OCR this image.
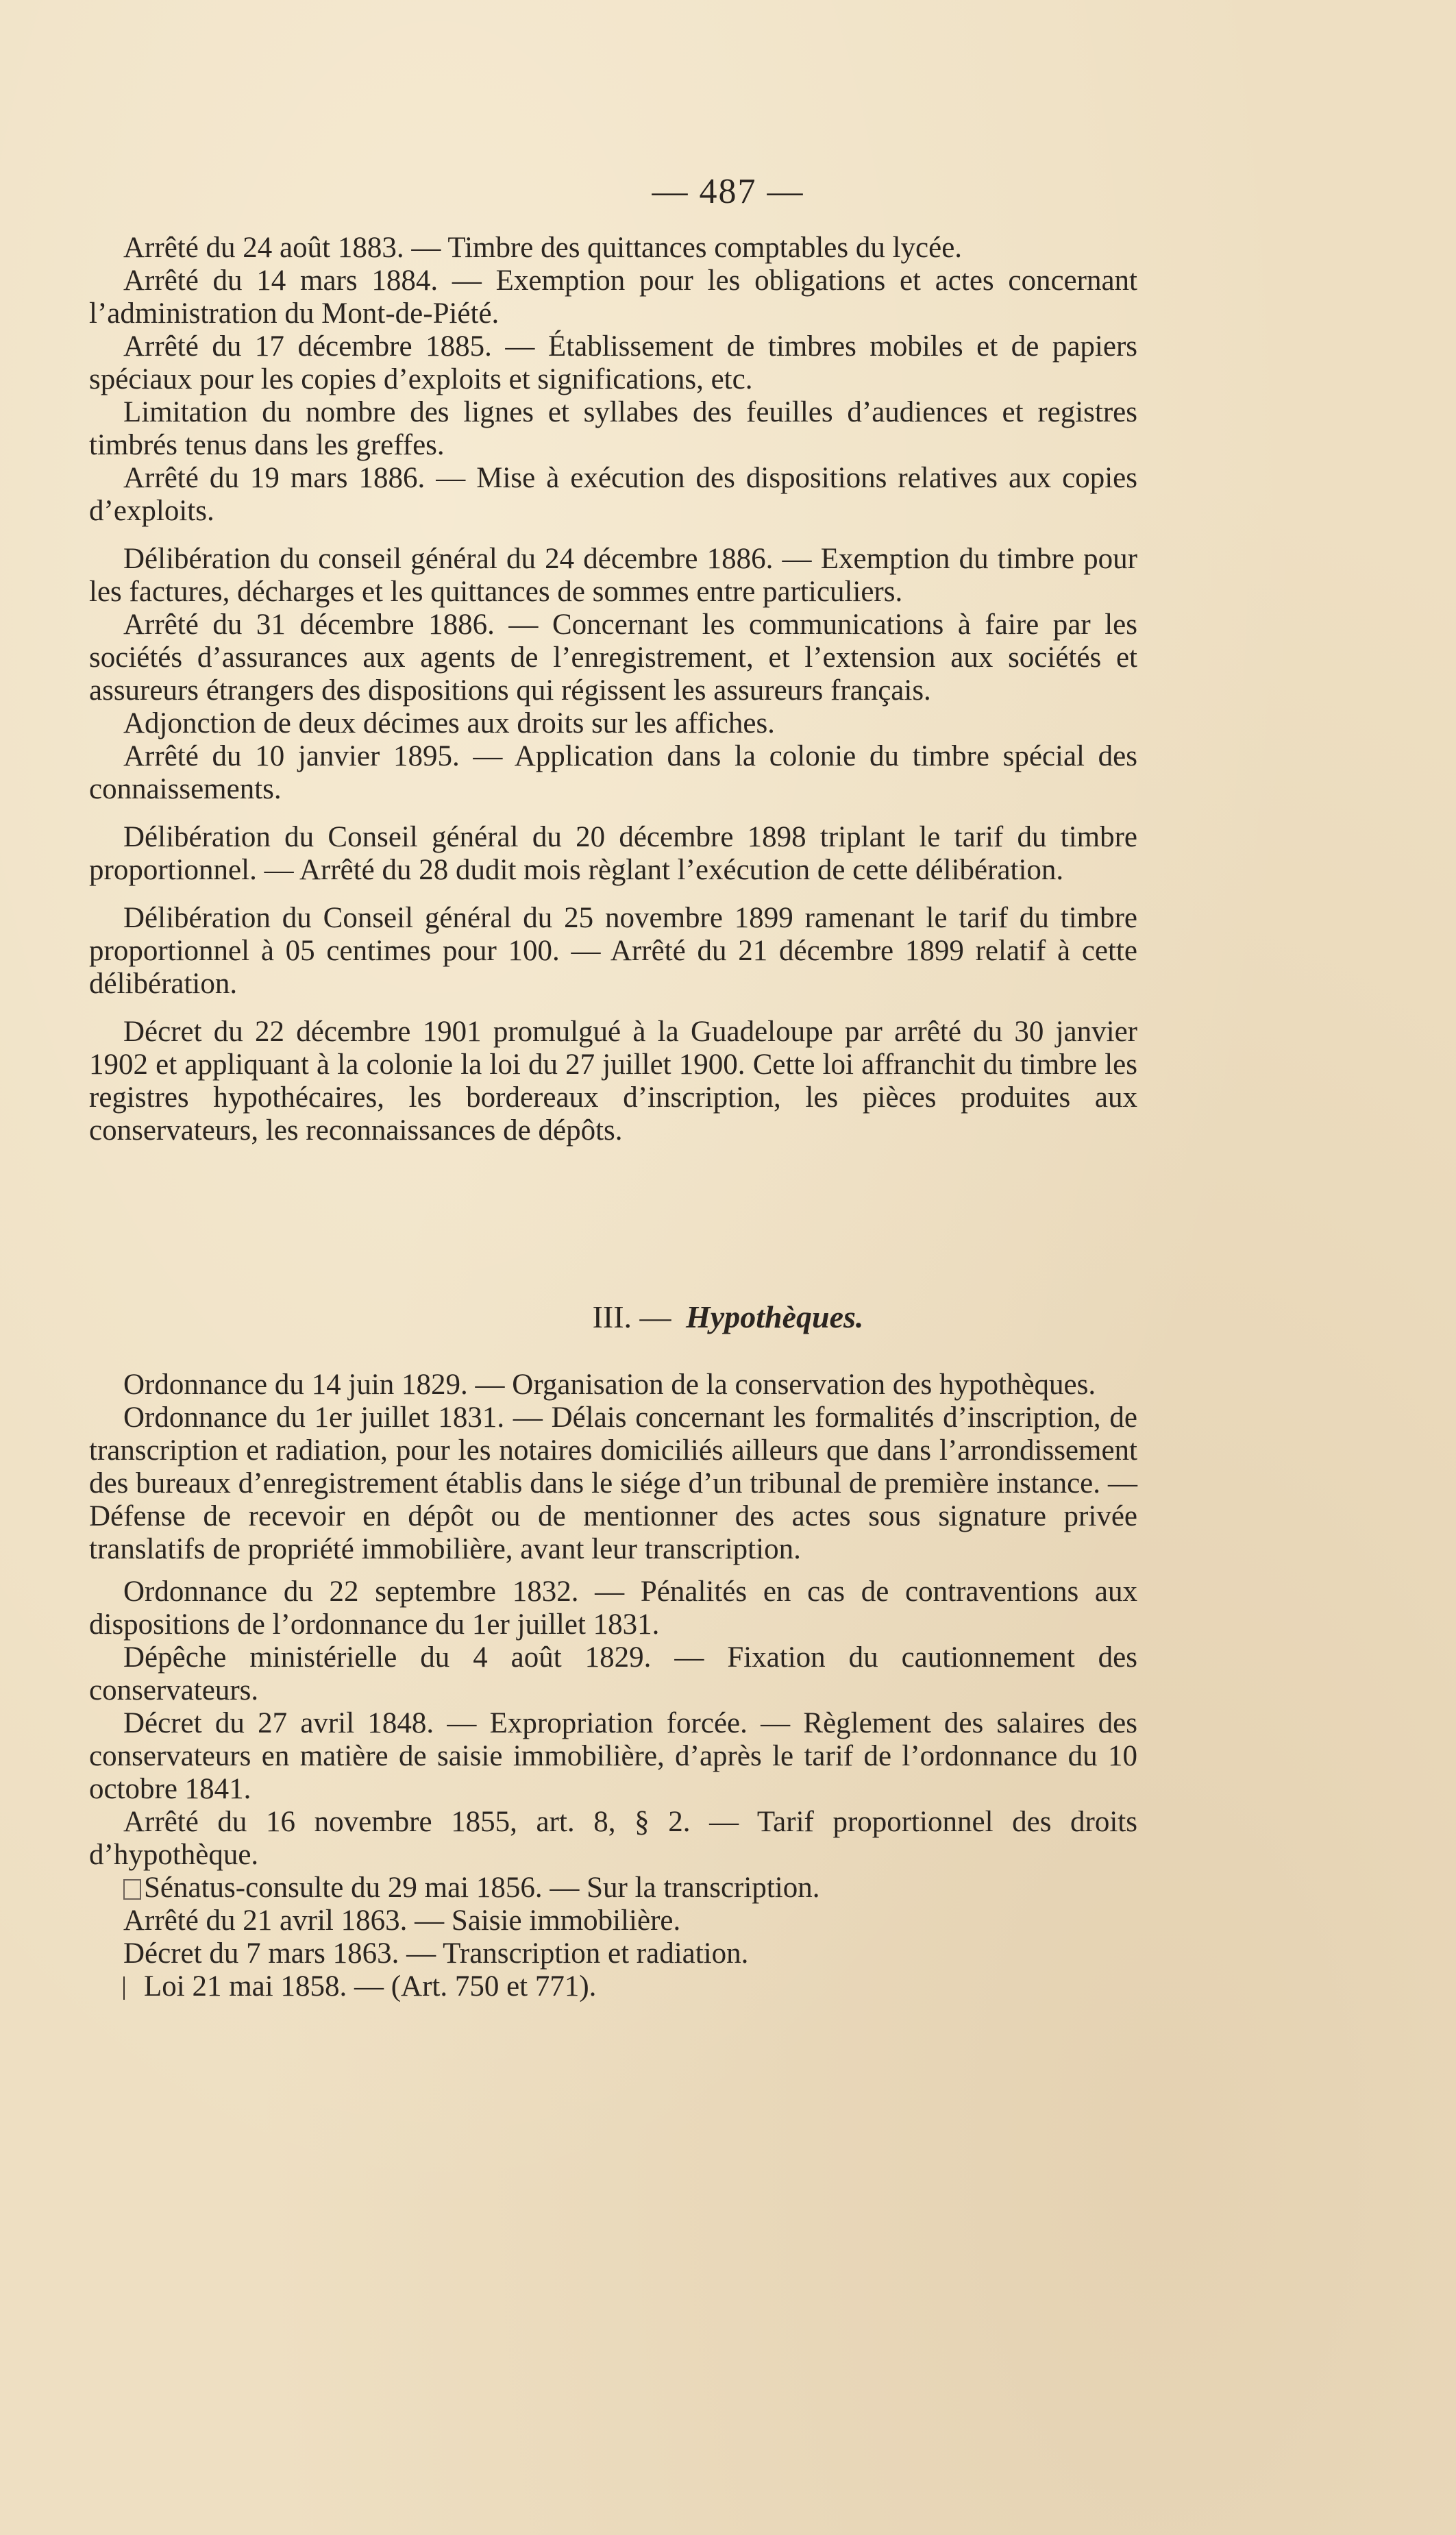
— 487 —

Arrêté du 24 août 1883. — Timbre des quittances comptables du lycée.

Arrêté du 14 mars 1884. — Exemption pour les obligations et actes concernant l’administration du Mont-de-Piété.

Arrêté du 17 décembre 1885. — Établissement de timbres mobiles et de papiers spéciaux pour les copies d’exploits et significations, etc.

Limitation du nombre des lignes et syllabes des feuilles d’audiences et registres timbrés tenus dans les greffes.

Arrêté du 19 mars 1886. — Mise à exécution des dispositions relatives aux copies d’exploits.

Délibération du conseil général du 24 décembre 1886. — Exemption du timbre pour les factures, décharges et les quittances de sommes entre particuliers.

Arrêté du 31 décembre 1886. — Concernant les communications à faire par les sociétés d’assurances aux agents de l’enregistrement, et l’extension aux sociétés et assureurs étrangers des dispositions qui régissent les assureurs français.

Adjonction de deux décimes aux droits sur les affiches.

Arrêté du 10 janvier 1895. — Application dans la colonie du timbre spécial des connaissements.

Délibération du Conseil général du 20 décembre 1898 triplant le tarif du timbre proportionnel. — Arrêté du 28 dudit mois règlant l’exécution de cette délibération.

Délibération du Conseil général du 25 novembre 1899 ramenant le tarif du timbre proportionnel à 05 centimes pour 100. — Arrêté du 21 décembre 1899 relatif à cette délibération.

Décret du 22 décembre 1901 promulgué à la Guadeloupe par arrêté du 30 janvier 1902 et appliquant à la colonie la loi du 27 juillet 1900. Cette loi affranchit du timbre les registres hypothécaires, les bordereaux d’inscription, les pièces produites aux conservateurs, les reconnaissances de dépôts.

III. — Hypothèques.

Ordonnance du 14 juin 1829. — Organisation de la conservation des hypothèques.

Ordonnance du 1er juillet 1831. — Délais concernant les formalités d’inscription, de transcription et radiation, pour les notaires domiciliés ailleurs que dans l’arrondissement des bureaux d’enregistrement établis dans le siége d’un tribunal de première instance. — Défense de recevoir en dépôt ou de mentionner des actes sous signature privée translatifs de propriété immobilière, avant leur transcription.

Ordonnance du 22 septembre 1832. — Pénalités en cas de contraventions aux dispositions de l’ordonnance du 1er juillet 1831.

Dépêche ministérielle du 4 août 1829. — Fixation du cautionnement des conservateurs.

Décret du 27 avril 1848. — Expropriation forcée. — Règlement des salaires des conservateurs en matière de saisie immobilière, d’après le tarif de l’ordonnance du 10 octobre 1841.

Arrêté du 16 novembre 1855, art. 8, § 2. — Tarif proportionnel des droits d’hypothèque.

Sénatus-consulte du 29 mai 1856. — Sur la transcription.

Arrêté du 21 avril 1863. — Saisie immobilière.

Décret du 7 mars 1863. — Transcription et radiation.

Loi 21 mai 1858. — (Art. 750 et 771).
